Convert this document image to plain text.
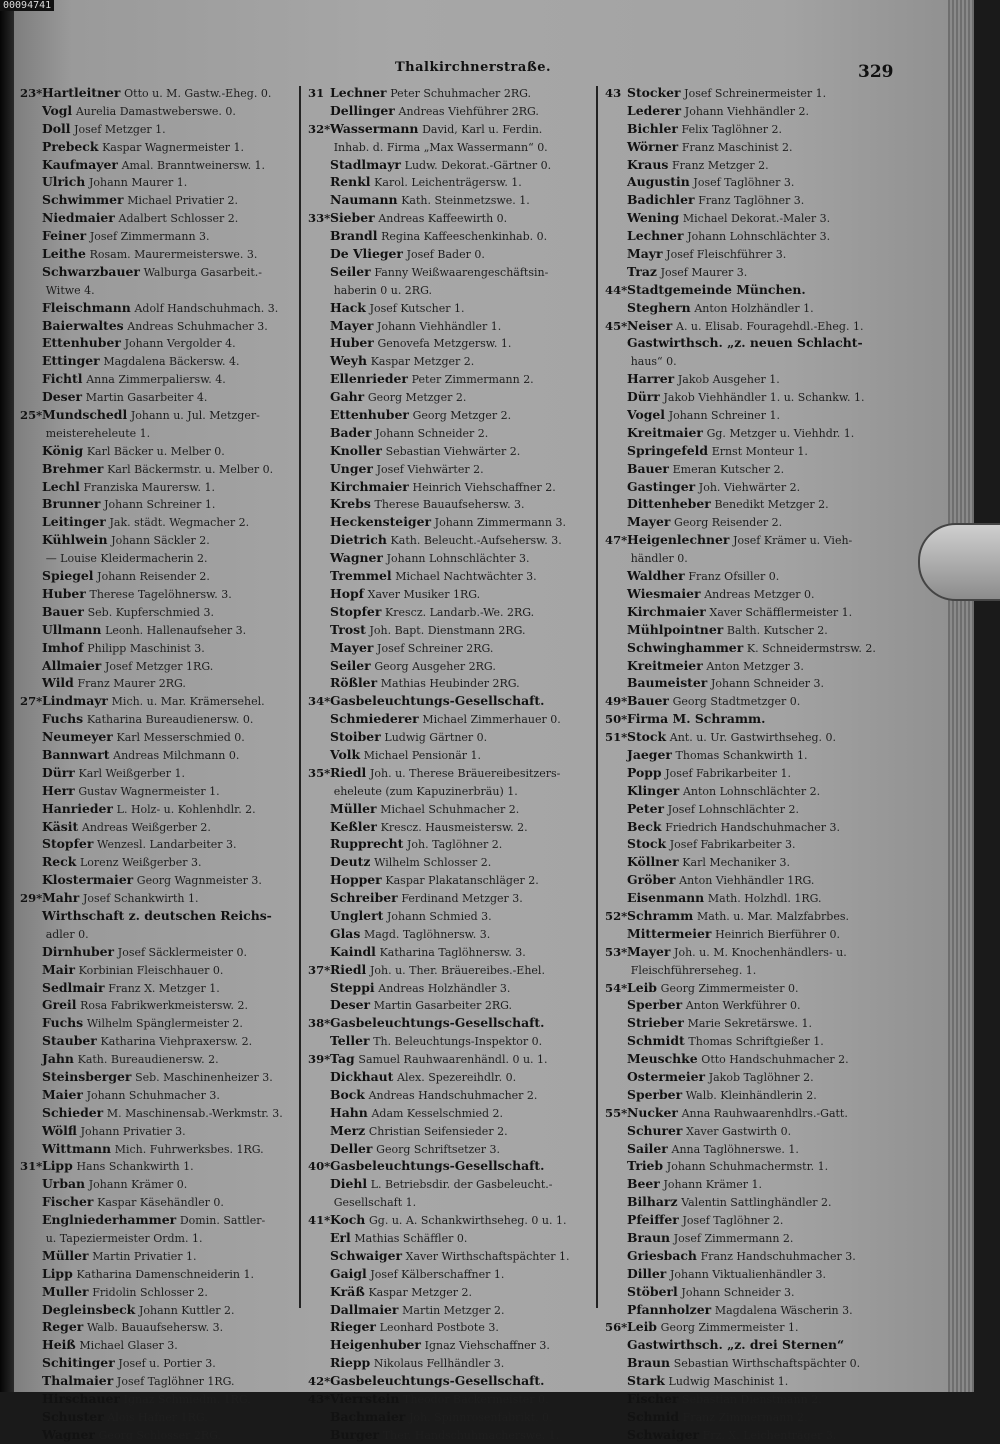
00094741
Thalkirchnerstraße.	329
23*Hartleitner Otto u. M. Gastw.-Eheg. 0.
Vogl Aurelia Damastweberswe. 0.
Doll Josef Metzger 1.
Prebeck Kaspar Wagnermeister 1.
Kaufmayer Amal. Branntweinersw. 1.
Ulrich Johann Maurer 1.
Schwimmer Michael Privatier 2.
Niedmaier Adalbert Schlosser 2.
Feiner Josef Zimmermann 3.
Leithe Rosam. Maurermeisterswe. 3.
Schwarzbauer Walburga Gasarbeit.-
Witwe 4.
Fleischmann Adolf Handschuhmach. 3.
Baierwaltes Andreas Schuhmacher 3.
Ettenhuber Johann Vergolder 4.
Ettinger Magdalena Bäckersw. 4.
Fichtl Anna Zimmerpaliersw. 4.
Deser Martin Gasarbeiter 4.
25*Mundschedl Johann u. Jul. Metzger-
meistereheleute 1.
König Karl Bäcker u. Melber 0.
Brehmer Karl Bäckermstr. u. Melber 0.
Lechl Franziska Maurersw. 1.
Brunner Johann Schreiner 1.
Leitinger Jak. städt. Wegmacher 2.
Kühlwein Johann Säckler 2.
— Louise Kleidermacherin 2.
Spiegel Johann Reisender 2.
Huber Therese Tagelöhnersw. 3.
Bauer Seb. Kupferschmied 3.
Ullmann Leonh. Hallenaufseher 3.
Imhof Philipp Maschinist 3.
Allmaier Josef Metzger 1RG.
Wild Franz Maurer 2RG.
27*Lindmayr Mich. u. Mar. Krämersehel.
Fuchs Katharina Bureaudienersw. 0.
Neumeyer Karl Messerschmied 0.
Bannwart Andreas Milchmann 0.
Dürr Karl Weißgerber 1.
Herr Gustav Wagnermeister 1.
Hanrieder L. Holz- u. Kohlenhdlr. 2.
Käsit Andreas Weißgerber 2.
Stopfer Wenzesl. Landarbeiter 3.
Reck Lorenz Weißgerber 3.
Klostermaier Georg Wagnmeister 3.
29*Mahr Josef Schankwirth 1.
Wirthschaft z. deutschen Reichs-
adler 0.
Dirnhuber Josef Säcklermeister 0.
Mair Korbinian Fleischhauer 0.
Sedlmair Franz X. Metzger 1.
Greil Rosa Fabrikwerkmeistersw. 2.
Fuchs Wilhelm Spänglermeister 2.
Stauber Katharina Viehpraxersw. 2.
Jahn Kath. Bureaudienersw. 2.
Steinsberger Seb. Maschinenheizer 3.
Maier Johann Schuhmacher 3.
Schieder M. Maschinensab.-Werkmstr. 3.
Wölfl Johann Privatier 3.
Wittmann Mich. Fuhrwerksbes. 1RG.
31*Lipp Hans Schankwirth 1.
Urban Johann Krämer 0.
Fischer Kaspar Käsehändler 0.
Englniederhammer Domin. Sattler-
u. Tapeziermeister Ordm. 1.
Müller Martin Privatier 1.
Lipp Katharina Damenschneiderin 1.
Muller Fridolin Schlosser 2.
Degleinsbeck Johann Kuttler 2.
Reger Walb. Bauaufsehersw. 3.
Heiß Michael Glaser 3.
Schitinger Josef u. Portier 3.
Thalmaier Josef Taglöhner 1RG.
Hirschauer Ignaz Schmiedm. 1RG.
Schuster Alois Hafner 1RG.
Wagner Georg Schlosser 2RG.
31 Lechner Peter Schuhmacher 2RG.
Dellinger Andreas Viehführer 2RG.
32*Wassermann David, Karl u. Ferdin.
Inhab. d. Firma „Max Wassermann“ 0.
Stadlmayr Ludw. Dekorat.-Gärtner 0.
Renkl Karol. Leichenträgersw. 1.
Naumann Kath. Steinmetzswe. 1.
33*Sieber Andreas Kaffeewirth 0.
Brandl Regina Kaffeeschenkinhab. 0.
De Vlieger Josef Bader 0.
Seiler Fanny Weißwaarengeschäftsin-
haberin 0 u. 2RG.
Hack Josef Kutscher 1.
Mayer Johann Viehhändler 1.
Huber Genovefa Metzgersw. 1.
Weyh Kaspar Metzger 2.
Ellenrieder Peter Zimmermann 2.
Gahr Georg Metzger 2.
Ettenhuber Georg Metzger 2.
Bader Johann Schneider 2.
Knoller Sebastian Viehwärter 2.
Unger Josef Viehwärter 2.
Kirchmaier Heinrich Viehschaffner 2.
Krebs Therese Bauaufsehersw. 3.
Heckensteiger Johann Zimmermann 3.
Dietrich Kath. Beleucht.-Aufsehersw. 3.
Wagner Johann Lohnschlächter 3.
Tremmel Michael Nachtwächter 3.
Hopf Xaver Musiker 1RG.
Stopfer Krescz. Landarb.-We. 2RG.
Trost Joh. Bapt. Dienstmann 2RG.
Mayer Josef Schreiner 2RG.
Seiler Georg Ausgeher 2RG.
Rößler Mathias Heubinder 2RG.
34*Gasbeleuchtungs-Gesellschaft.
Schmiederer Michael Zimmerhauer 0.
Stoiber Ludwig Gärtner 0.
Volk Michael Pensionär 1.
35*Riedl Joh. u. Therese Bräuereibesitzers-
eheleute (zum Kapuzinerbräu) 1.
Müller Michael Schuhmacher 2.
Keßler Krescz. Hausmeistersw. 2.
Rupprecht Joh. Taglöhner 2.
Deutz Wilhelm Schlosser 2.
Hopper Kaspar Plakatanschläger 2.
Schreiber Ferdinand Metzger 3.
Unglert Johann Schmied 3.
Glas Magd. Taglöhnersw. 3.
Kaindl Katharina Taglöhnersw. 3.
37*Riedl Joh. u. Ther. Bräuereibes.-Ehel.
Steppi Andreas Holzhändler 3.
Deser Martin Gasarbeiter 2RG.
38*Gasbeleuchtungs-Gesellschaft.
Teller Th. Beleuchtungs-Inspektor 0.
39*Tag Samuel Rauhwaarenhändl. 0 u. 1.
Dickhaut Alex. Spezereihdlr. 0.
Bock Andreas Handschuhmacher 2.
Hahn Adam Kesselschmied 2.
Merz Christian Seifensieder 2.
Deller Georg Schriftsetzer 3.
40*Gasbeleuchtungs-Gesellschaft.
Diehl L. Betriebsdir. der Gasbeleucht.-
Gesellschaft 1.
41*Koch Gg. u. A. Schankwirthseheg. 0 u. 1.
Erl Mathias Schäffler 0.
Schwaiger Xaver Wirthschaftspächter 1.
Gaigl Josef Kälberschaffner 1.
Kräß Kaspar Metzger 2.
Dallmaier Martin Metzger 2.
Rieger Leonhard Postbote 3.
Heigenhuber Ignaz Viehschaffner 3.
Riepp Nikolaus Fellhändler 3.
42*Gasbeleuchtungs-Gesellschaft.
43*Vierrstein Theodor Bäckermeister 0.
Bachmaier Joh. Spinnrosenfabrikt. 0.
Burger Ther. Handschuhmacherswe. 1.
43 Stocker Josef Schreinermeister 1.
Lederer Johann Viehhändler 2.
Bichler Felix Taglöhner 2.
Wörner Franz Maschinist 2.
Kraus Franz Metzger 2.
Augustin Josef Taglöhner 3.
Badichler Franz Taglöhner 3.
Wening Michael Dekorat.-Maler 3.
Lechner Johann Lohnschlächter 3.
Mayr Josef Fleischführer 3.
Traz Josef Maurer 3.
44*Stadtgemeinde München.
Steghern Anton Holzhändler 1.
45*Neiser A. u. Elisab. Fouragehdl.-Eheg. 1.
Gastwirthsch. „z. neuen Schlacht-
haus“ 0.
Harrer Jakob Ausgeher 1.
Dürr Jakob Viehhändler 1. u. Schankw. 1.
Vogel Johann Schreiner 1.
Kreitmaier Gg. Metzger u. Viehhdr. 1.
Springefeld Ernst Monteur 1.
Bauer Emeran Kutscher 2.
Gastinger Joh. Viehwärter 2.
Dittenheber Benedikt Metzger 2.
Mayer Georg Reisender 2.
47*Heigenlechner Josef Krämer u. Vieh-
händler 0.
Waldher Franz Ofsiller 0.
Wiesmaier Andreas Metzger 0.
Kirchmaier Xaver Schäfflermeister 1.
Mühlpointner Balth. Kutscher 2.
Schwinghammer K. Schneidermstrsw. 2.
Kreitmeier Anton Metzger 3.
Baumeister Johann Schneider 3.
49*Bauer Georg Stadtmetzger 0.
50*Firma M. Schramm.
51*Stock Ant. u. Ur. Gastwirthseheg. 0.
Jaeger Thomas Schankwirth 1.
Popp Josef Fabrikarbeiter 1.
Klinger Anton Lohnschlächter 2.
Peter Josef Lohnschlächter 2.
Beck Friedrich Handschuhmacher 3.
Stock Josef Fabrikarbeiter 3.
Köllner Karl Mechaniker 3.
Gröber Anton Viehhändler 1RG.
Eisenmann Math. Holzhdl. 1RG.
52*Schramm Math. u. Mar. Malzfabrbes.
Mittermeier Heinrich Bierführer 0.
53*Mayer Joh. u. M. Knochenhändlers- u.
Fleischführerseheg. 1.
54*Leib Georg Zimmermeister 0.
Sperber Anton Werkführer 0.
Strieber Marie Sekretärswe. 1.
Schmidt Thomas Schriftgießer 1.
Meuschke Otto Handschuhmacher 2.
Ostermeier Jakob Taglöhner 2.
Sperber Walb. Kleinhändlerin 2.
55*Nucker Anna Rauhwaarenhdlrs.-Gatt.
Schurer Xaver Gastwirth 0.
Sailer Anna Taglöhnerswe. 1.
Trieb Johann Schuhmachermstr. 1.
Beer Johann Krämer 1.
Bilharz Valentin Sattlinghändler 2.
Pfeiffer Josef Taglöhner 2.
Braun Josef Zimmermann 2.
Griesbach Franz Handschuhmacher 3.
Diller Johann Viktualienhändler 3.
Stöberl Johann Schneider 3.
Pfannholzer Magdalena Wäscherin 3.
56*Leib Georg Zimmermeister 1.
Gastwirthsch. „z. drei Sternen“
Braun Sebastian Wirthschaftspächter 0.
Stark Ludwig Maschinist 1.
Fischer Sebastian Dienstmann 2.
Schmid Franz Zimmermann 2.
Schwaiger Frz. X. Leichenträger 3.
